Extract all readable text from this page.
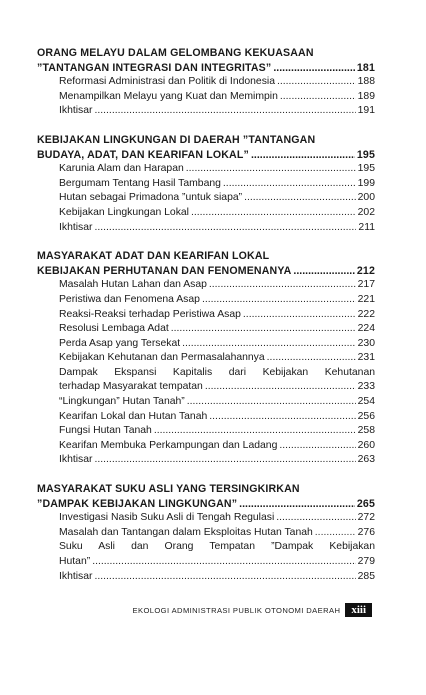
ORANG MELAYU DALAM GELOMBANG KEKUASAAN
”TANTANGAN INTEGRASI DAN INTEGRITAS” .....	181
Reformasi Administrasi dan Politik di Indonesia .....	188
Menampilkan Melayu yang Kuat dan Memimpin .....	189
Ikhtisar .....	191
KEBIJAKAN LINGKUNGAN DI DAERAH ”TANTANGAN
BUDAYA, ADAT, DAN KEARIFAN LOKAL” .....	195
Karunia Alam dan Harapan .....	195
Bergumam Tentang Hasil Tambang .....	199
Hutan sebagai Primadona ”untuk siapa” .....	200
Kebijakan Lingkungan Lokal .....	202
Ikhtisar .....	211
MASYARAKAT ADAT DAN KEARIFAN LOKAL
KEBIJAKAN PERHUTANAN DAN FENOMENANYA .....	212
Masalah Hutan Lahan dan Asap .....	217
Peristiwa dan Fenomena Asap .....	221
Reaksi-Reaksi terhadap Peristiwa Asap .....	222
Resolusi Lembaga Adat .....	224
Perda Asap yang Tersekat .....	230
Kebijakan Kehutanan dan Permasalahannya .....	231
Dampak Ekspansi Kapitalis dari Kebijakan Kehutanan
terhadap Masyarakat tempatan .....	233
“Lingkungan” Hutan Tanah” .....	254
Kearifan Lokal dan Hutan Tanah .....	256
Fungsi Hutan Tanah .....	258
Kearifan Membuka Perkampungan dan Ladang .....	260
Ikhtisar .....	263
MASYARAKAT SUKU ASLI YANG TERSINGKIRKAN
”DAMPAK KEBIJAKAN LINGKUNGAN” .....	265
Investigasi Nasib Suku Asli di Tengah Regulasi .....	272
Masalah dan Tantangan dalam Eksploitas Hutan Tanah .....	276
Suku Asli dan Orang Tempatan ”Dampak Kebijakan
Hutan” .....	279
Ikhtisar .....	285
EKOLOGI ADMINISTRASI PUBLIK OTONOMI DAERAH	xiii
